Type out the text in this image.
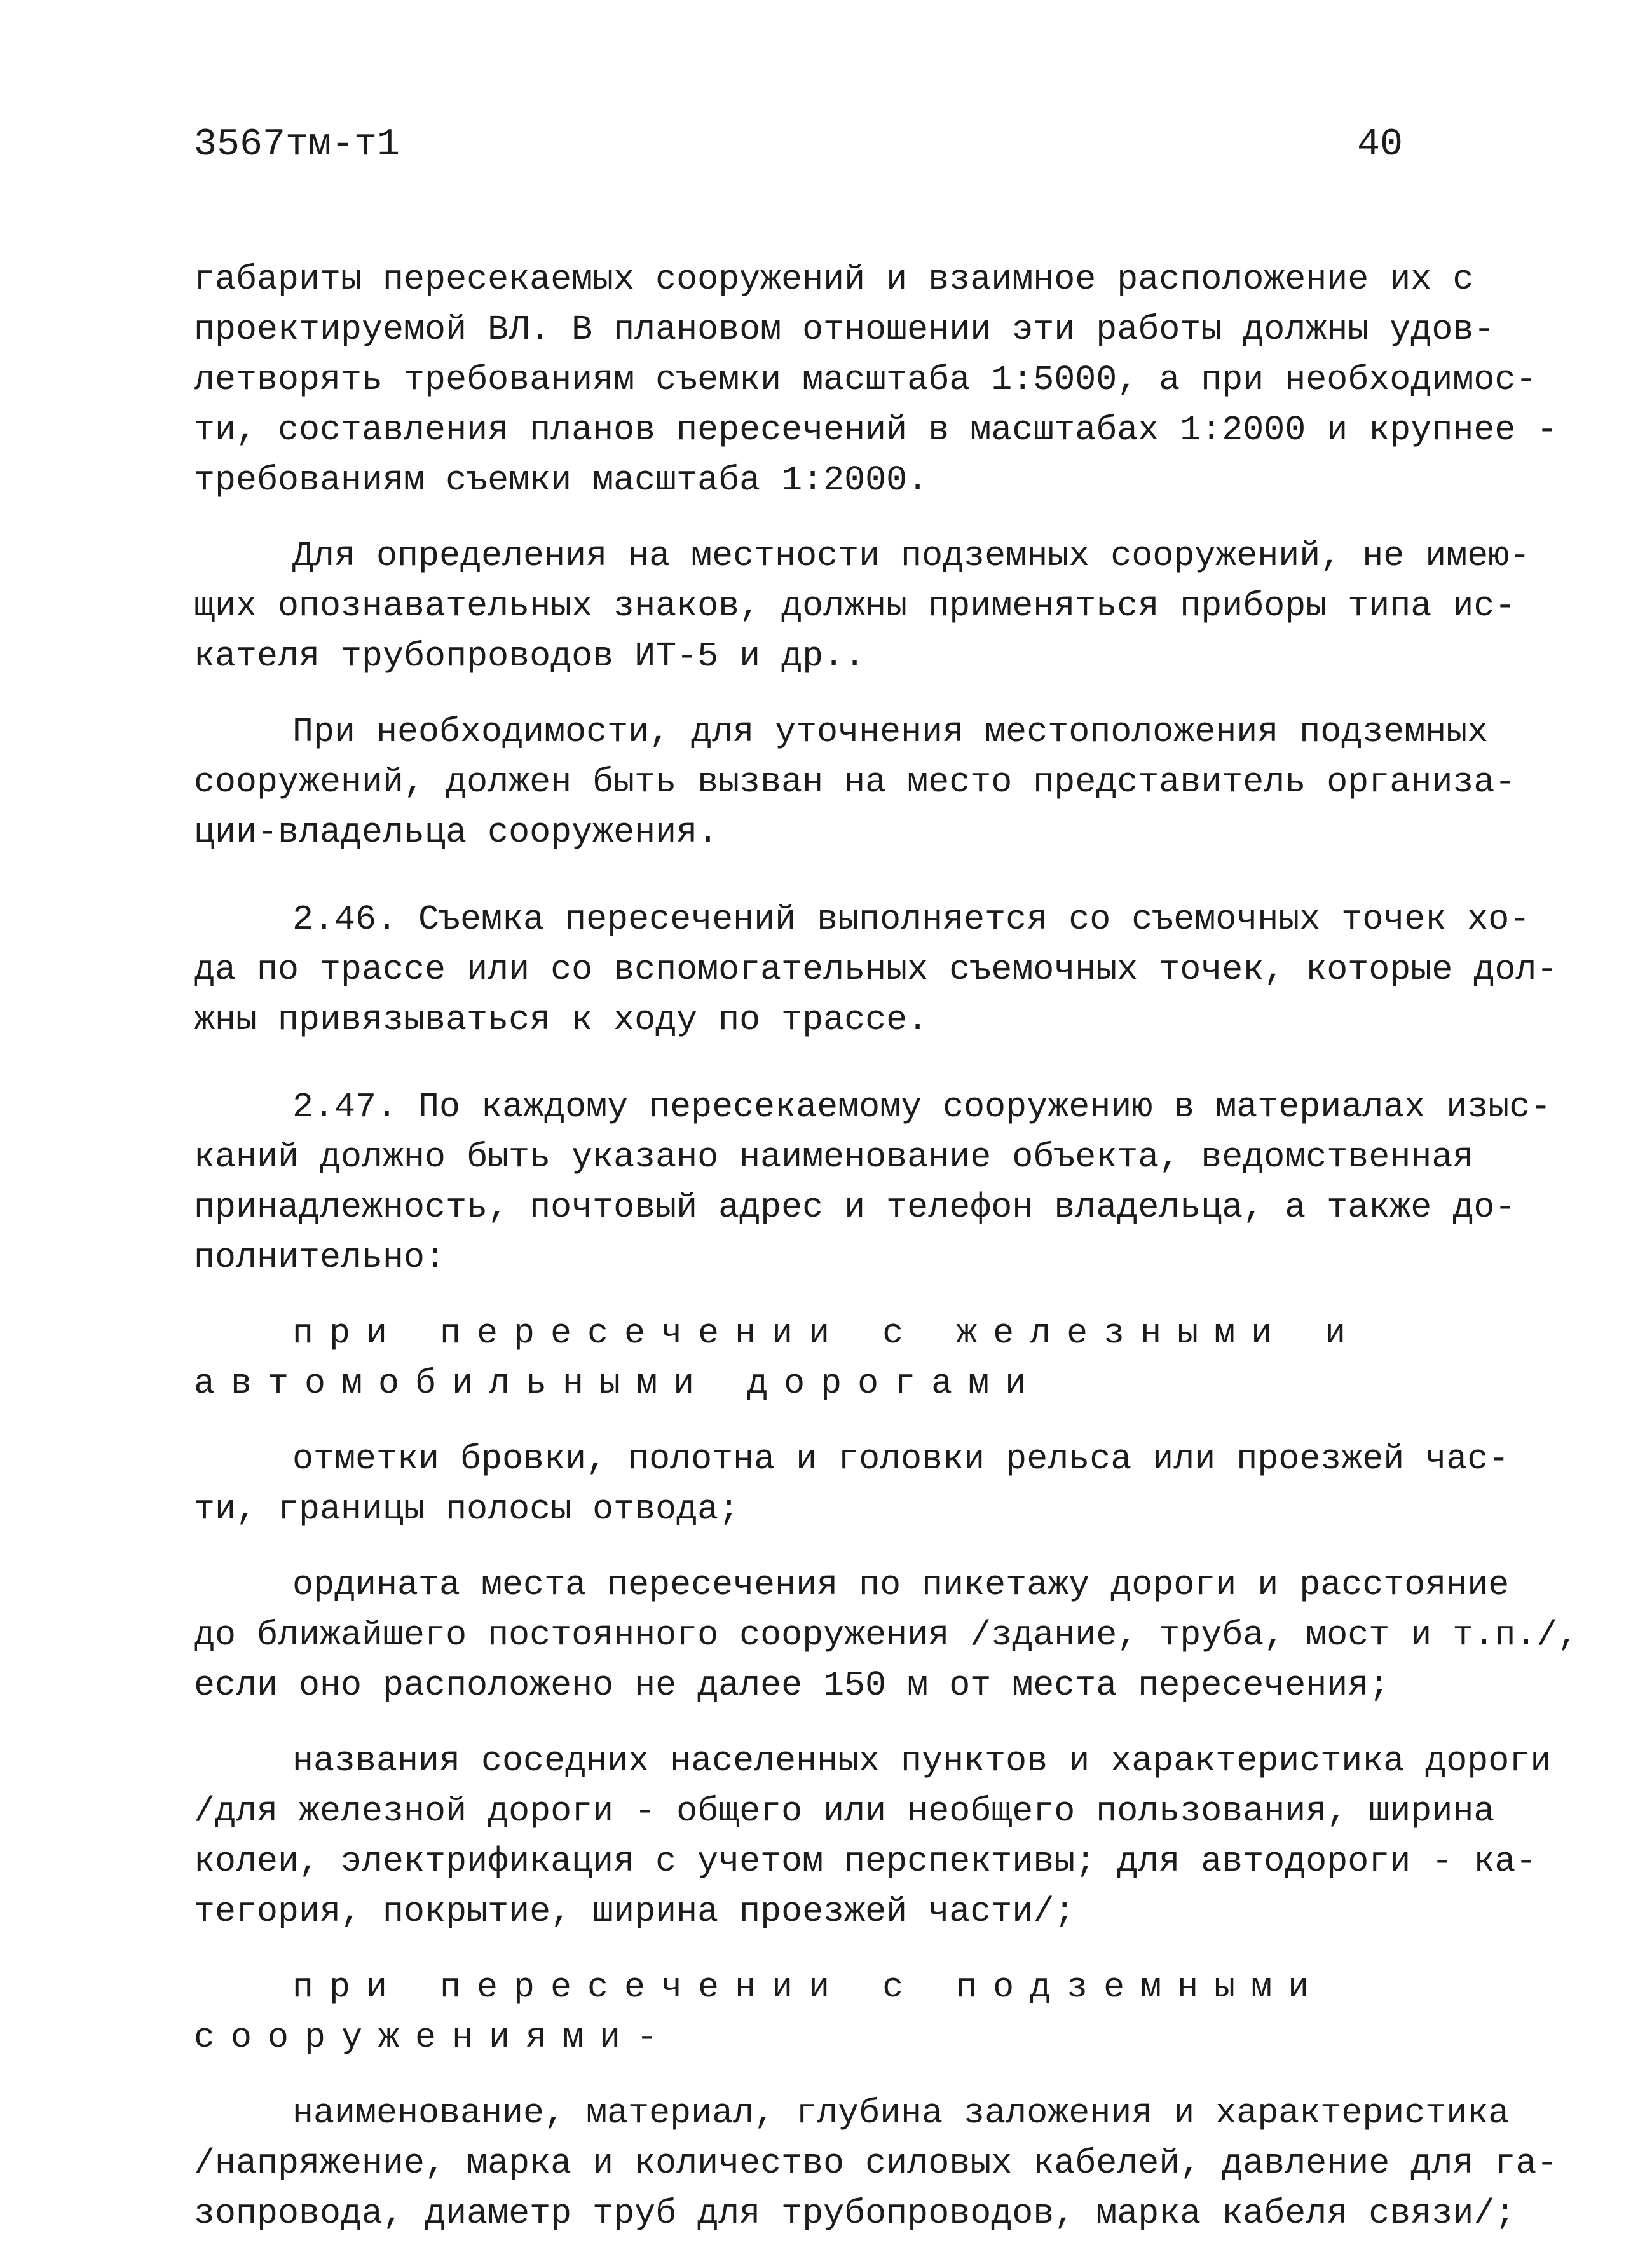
3567тм-т1	40
габариты пересекаемых сооружений и взаимное расположение их с
проектируемой ВЛ. В плановом отношении эти работы должны удов-
летворять требованиям съемки масштаба 1:5000, а при необходимос-
ти, составления планов пересечений в масштабах 1:2000 и крупнее -
требованиям съемки масштаба 1:2000.
Для определения на местности подземных сооружений, не имею-
щих опознавательных знаков, должны применяться приборы типа ис-
кателя трубопроводов ИТ-5 и др..
При необходимости, для уточнения местоположения подземных
сооружений, должен быть вызван на место представитель организа-
ции-владельца сооружения.
2.46. Съемка пересечений выполняется со съемочных точек хо-
да по трассе или со вспомогательных съемочных точек, которые дол-
жны привязываться к ходу по трассе.
2.47. По каждому пересекаемому сооружению в материалах изыс-
каний должно быть указано наименование объекта, ведомственная
принадлежность, почтовый адрес и телефон владельца, а также до-
полнительно:
при пересечении с железными и
автомобильными дорогами
отметки бровки, полотна и головки рельса или проезжей час-
ти, границы полосы отвода;
ордината места пересечения по пикетажу дороги и расстояние
до ближайшего постоянного сооружения /здание, труба, мост и т.п./,
если оно расположено не далее 150 м от места пересечения;
названия соседних населенных пунктов и характеристика дороги
/для железной дороги - общего или необщего пользования, ширина
колеи, электрификация с учетом перспективы; для автодороги - ка-
тегория, покрытие, ширина проезжей части/;
при пересечении с подземными
сооружениями-
наименование, материал, глубина заложения и характеристика
/напряжение, марка и количество силовых кабелей, давление для га-
зопровода, диаметр труб для трубопроводов, марка кабеля связи/;
